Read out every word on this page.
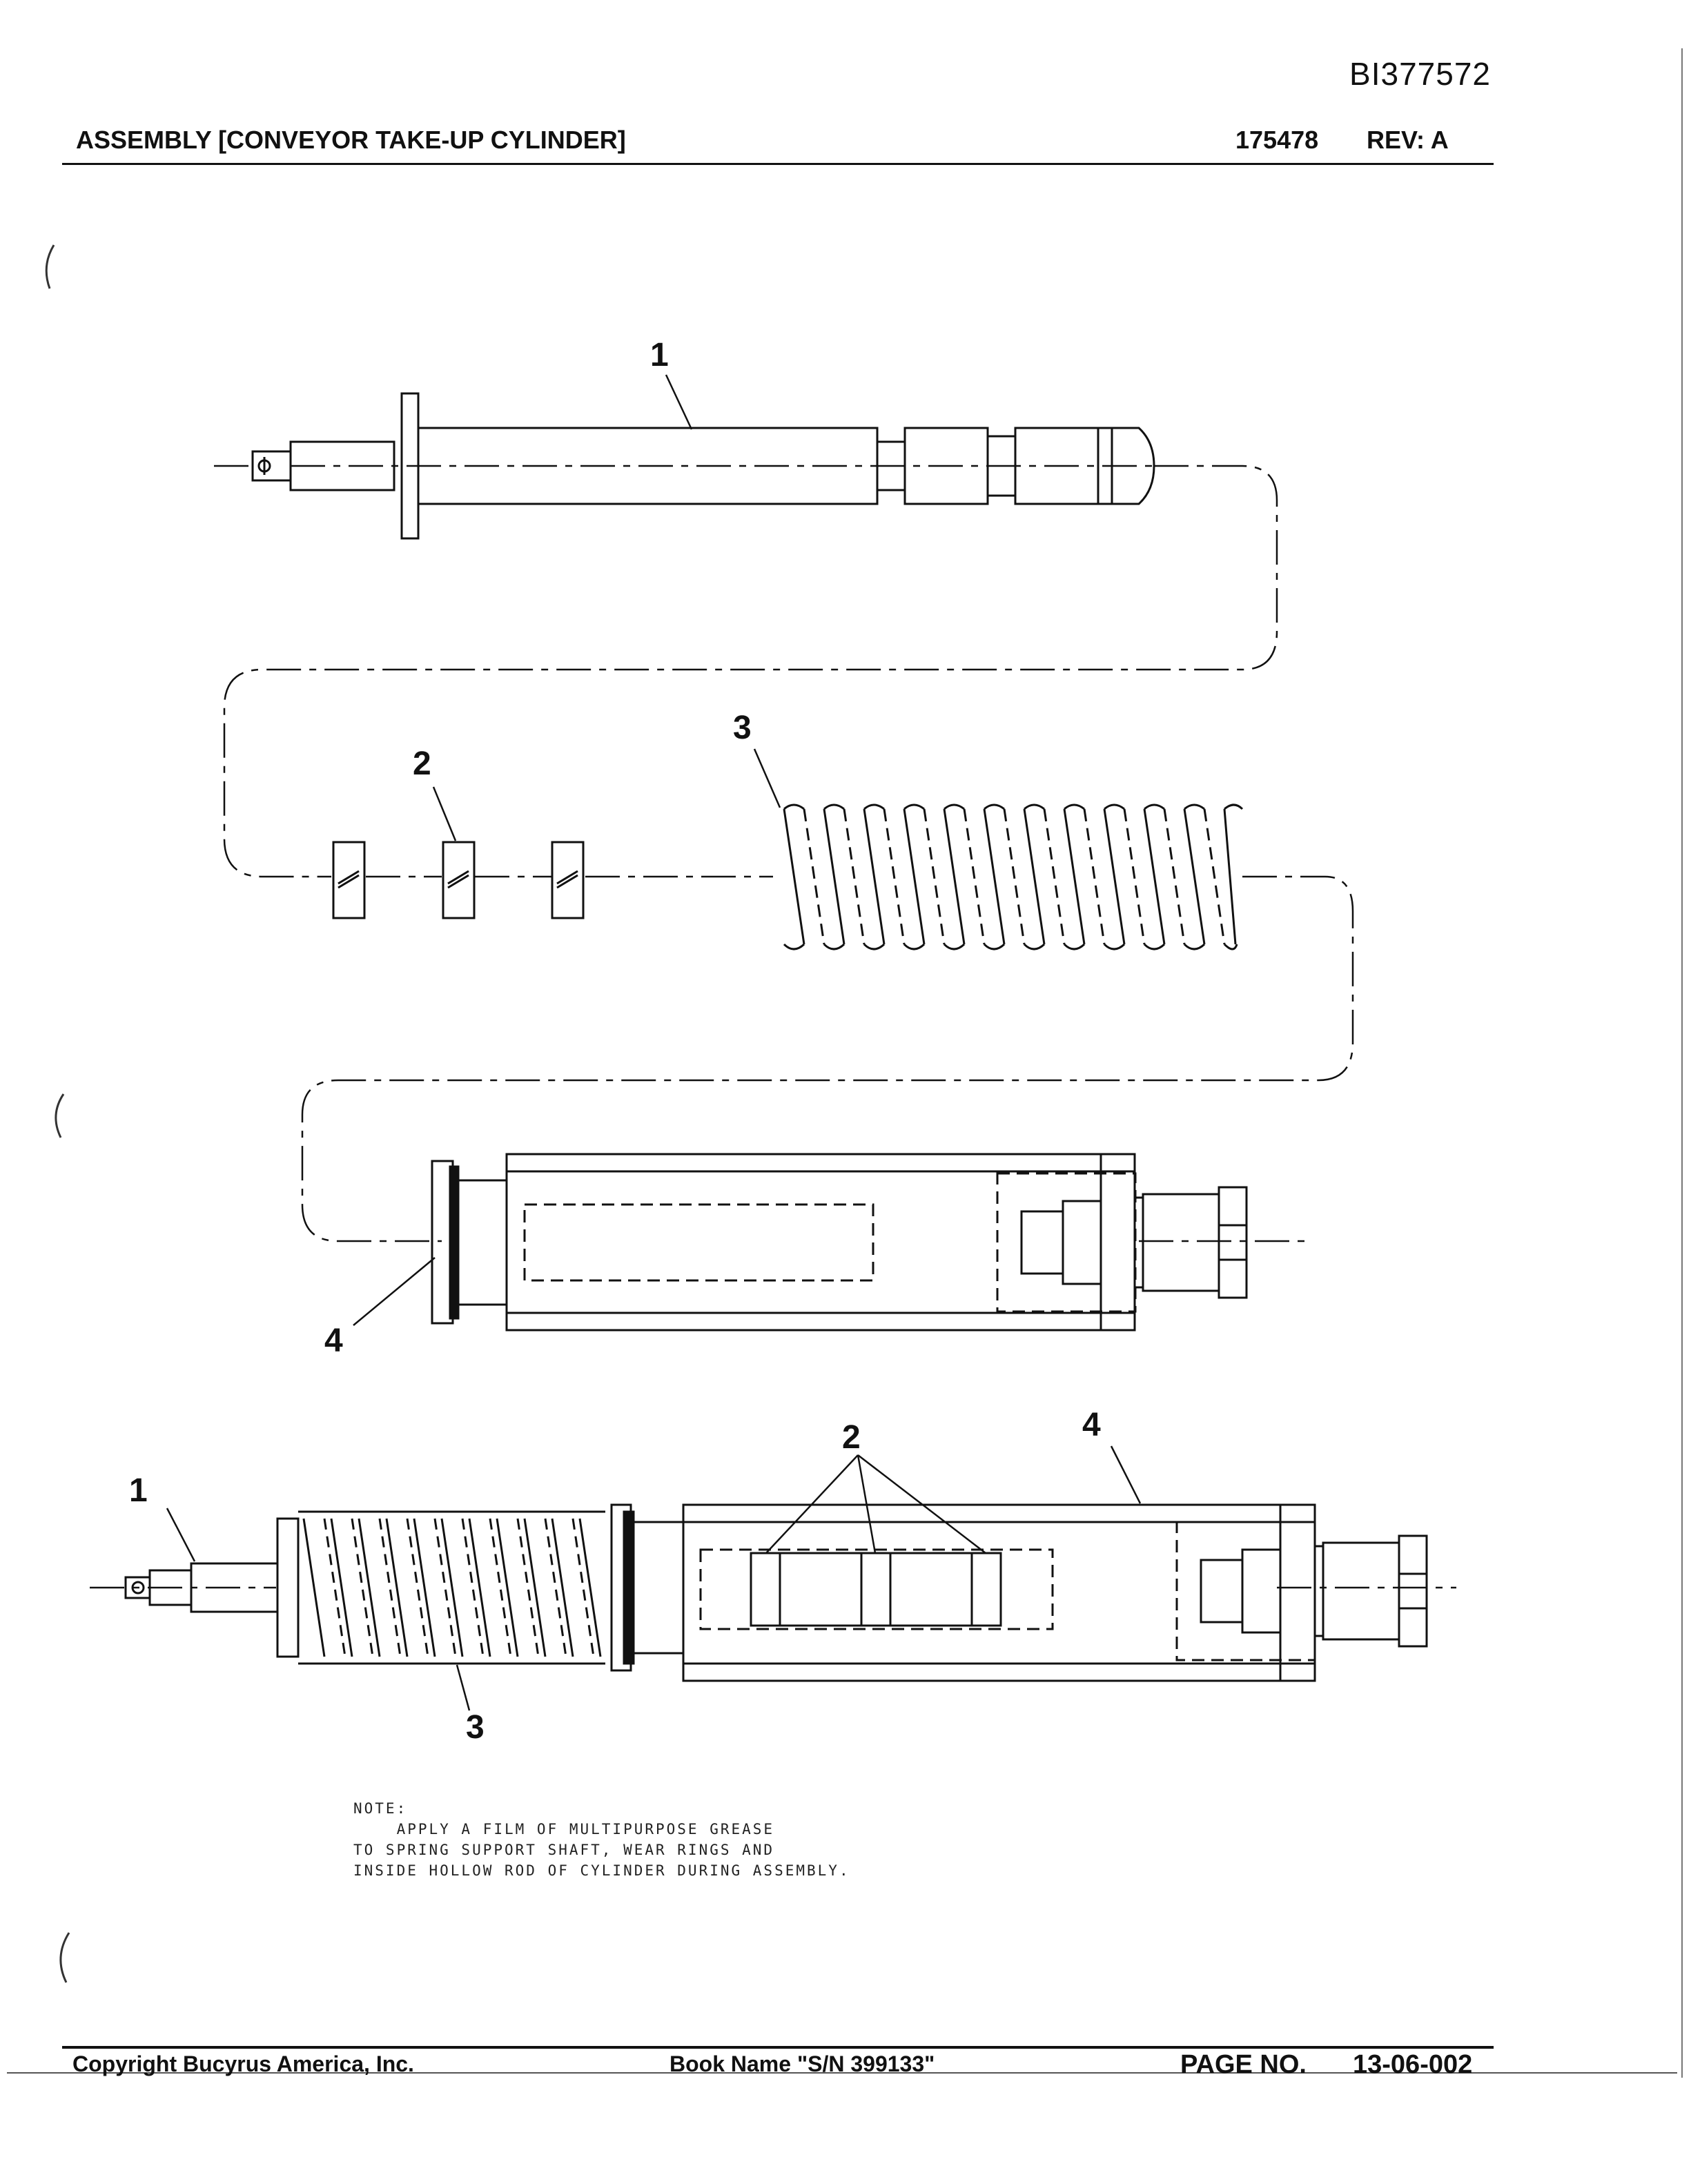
BI377572
ASSEMBLY [CONVEYOR TAKE-UP CYLINDER]	175478 REV: A
1
2
3
4
1
2	4
3
NOTE:
APPLY A FILM OF MULTIPURPOSE GREASE
TO SPRING SUPPORT SHAFT, WEAR RINGS AND
INSIDE HOLLOW ROD OF CYLINDER DURING ASSEMBLY.
Copyright Bucyrus America, Inc.	Book Name "S/N 399133"	PAGE NO. 13-06-002
